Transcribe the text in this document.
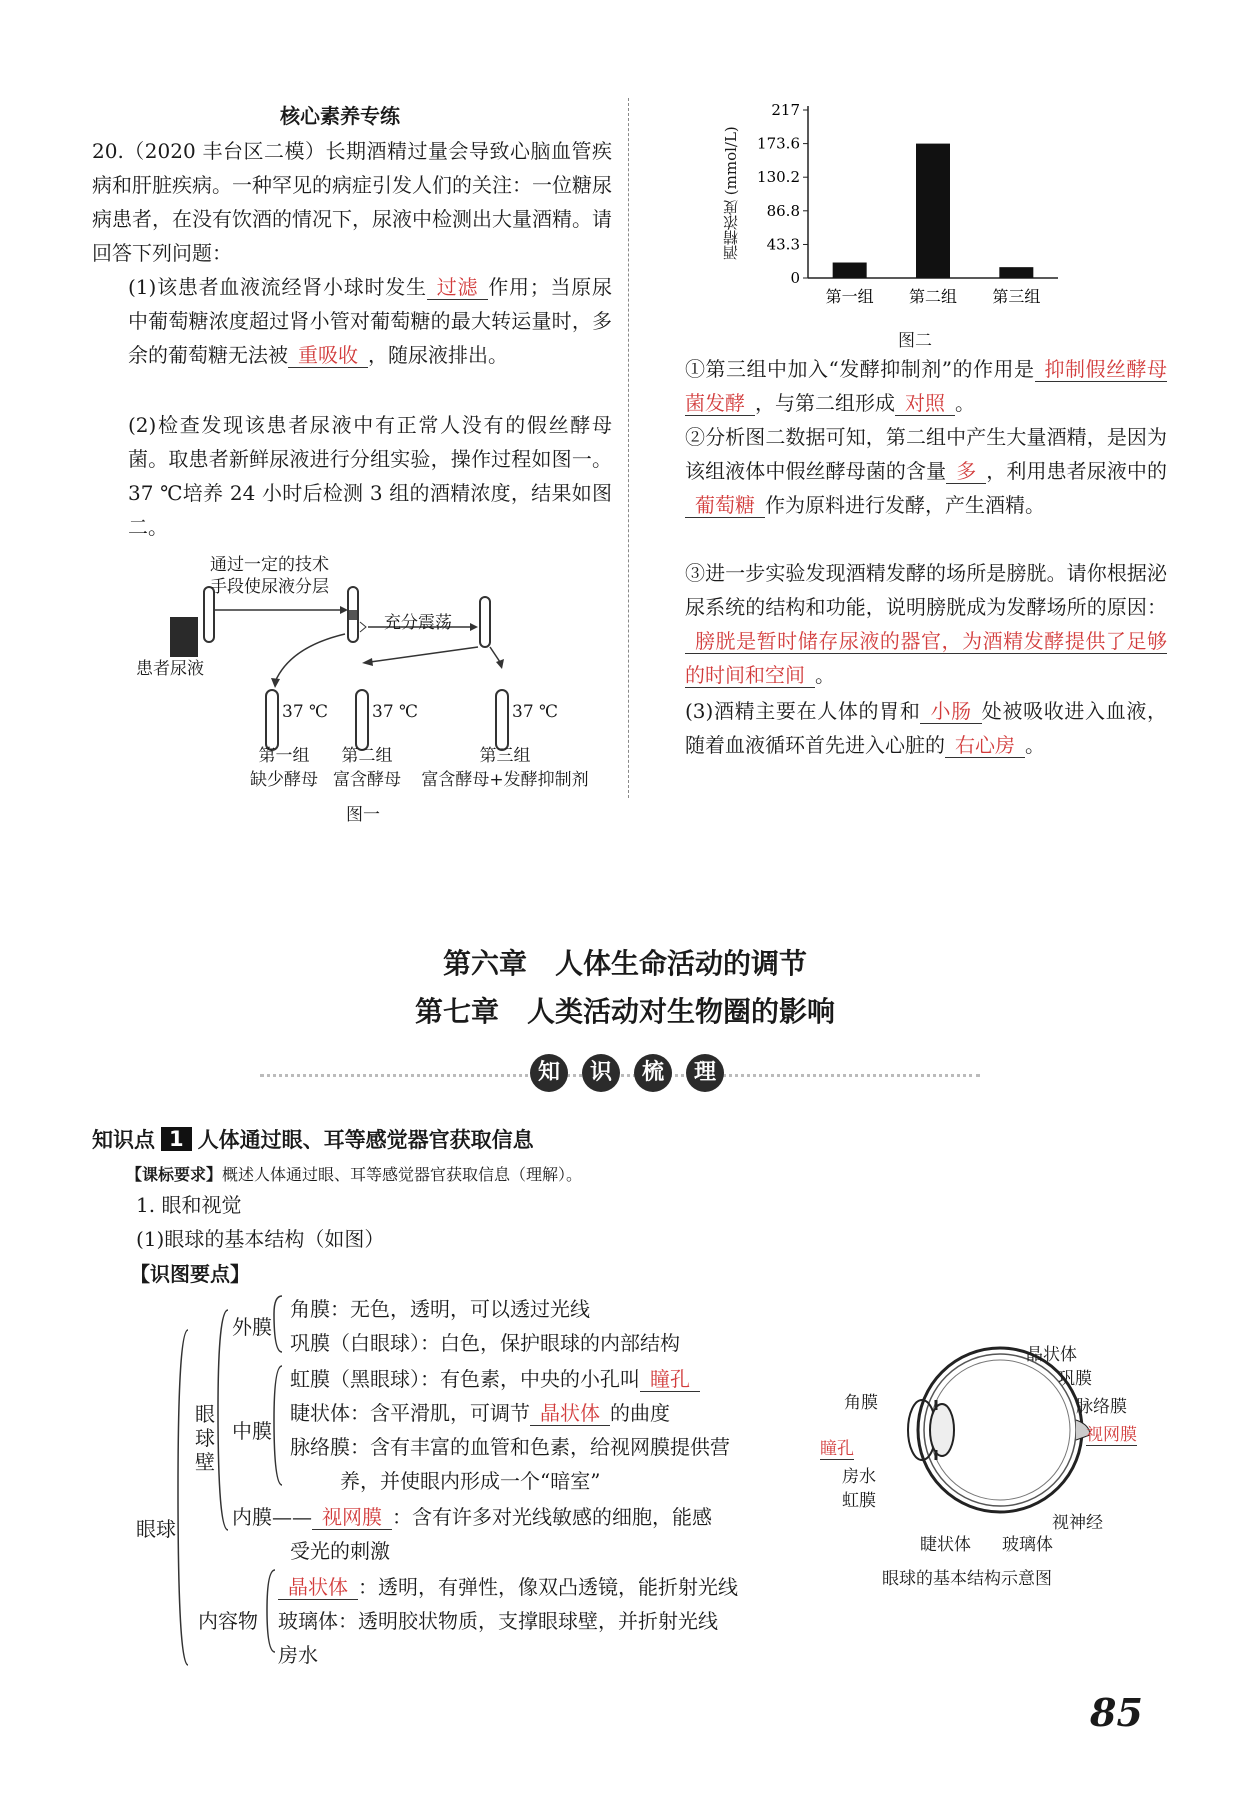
核心素养专练
20.（2020 丰台区二模）长期酒精过量会导致心脑血管疾病和肝脏疾病。一种罕见的病症引发人们的关注：一位糖尿病患者，在没有饮酒的情况下，尿液中检测出大量酒精。请回答下列问题：
(1)该患者血液流经肾小球时发生 过滤 作用；当原尿中葡萄糖浓度超过肾小管对葡萄糖的最大转运量时，多余的葡萄糖无法被 重吸收 ，随尿液排出。
(2)检查发现该患者尿液中有正常人没有的假丝酵母菌。取患者新鲜尿液进行分组实验，操作过程如图一。37 ℃培养 24 小时后检测 3 组的酒精浓度，结果如图二。
通过一定的技术
手段使尿液分层
充分震荡
患者尿液
37 ℃	37 ℃	37 ℃
第一组
缺少酵母
第二组
富含酵母
第三组
富含酵母+发酵抑制剂
图一
0
43.3
86.8
130.2
173.6
217
第一组 第二组 第三组
酒精浓度 (mmol/L)
图二
①第三组中加入“发酵抑制剂”的作用是 抑制假丝酵母菌发酵 ，与第二组形成 对照 。
②分析图二数据可知，第二组中产生大量酒精，是因为该组液体中假丝酵母菌的含量 多 ，利用患者尿液中的葡萄糖 作为原料进行发酵，产生酒精。
③进一步实验发现酒精发酵的场所是膀胱。请你根据泌尿系统的结构和功能，说明膀胱成为发酵场所的原因：膀胱是暂时储存尿液的器官，为酒精发酵提供了足够的时间和空间 。
(3)酒精主要在人体的胃和 小肠 处被吸收进入血液，随着血液循环首先进入心脏的 右心房 。
第六章　人体生命活动的调节
第七章　人类活动对生物圈的影响
知	识	梳	理
知识点 1 人体通过眼、耳等感觉器官获取信息
【课标要求】概述人体通过眼、耳等感觉器官获取信息（理解）。
1. 眼和视觉
(1)眼球的基本结构（如图）
【识图要点】
眼球
眼球壁
外膜
角膜：无色，透明，可以透过光线
巩膜（白眼球）：白色，保护眼球的内部结构
中膜
虹膜（黑眼球）：有色素，中央的小孔叫 瞳孔
睫状体：含平滑肌，可调节 晶状体 的曲度
脉络膜：含有丰富的血管和色素，给视网膜提供营
养，并使眼内形成一个“暗室”
内膜—— 视网膜 ：含有许多对光线敏感的细胞，能感
受光的刺激
内容物
晶状体 ：透明，有弹性，像双凸透镜，能折射光线
玻璃体：透明胶状物质，支撑眼球壁，并折射光线
房水
晶状体
巩膜
角膜	脉络膜
视网膜
瞳孔
房水
虹膜
视神经
睫状体 玻璃体
眼球的基本结构示意图
85
